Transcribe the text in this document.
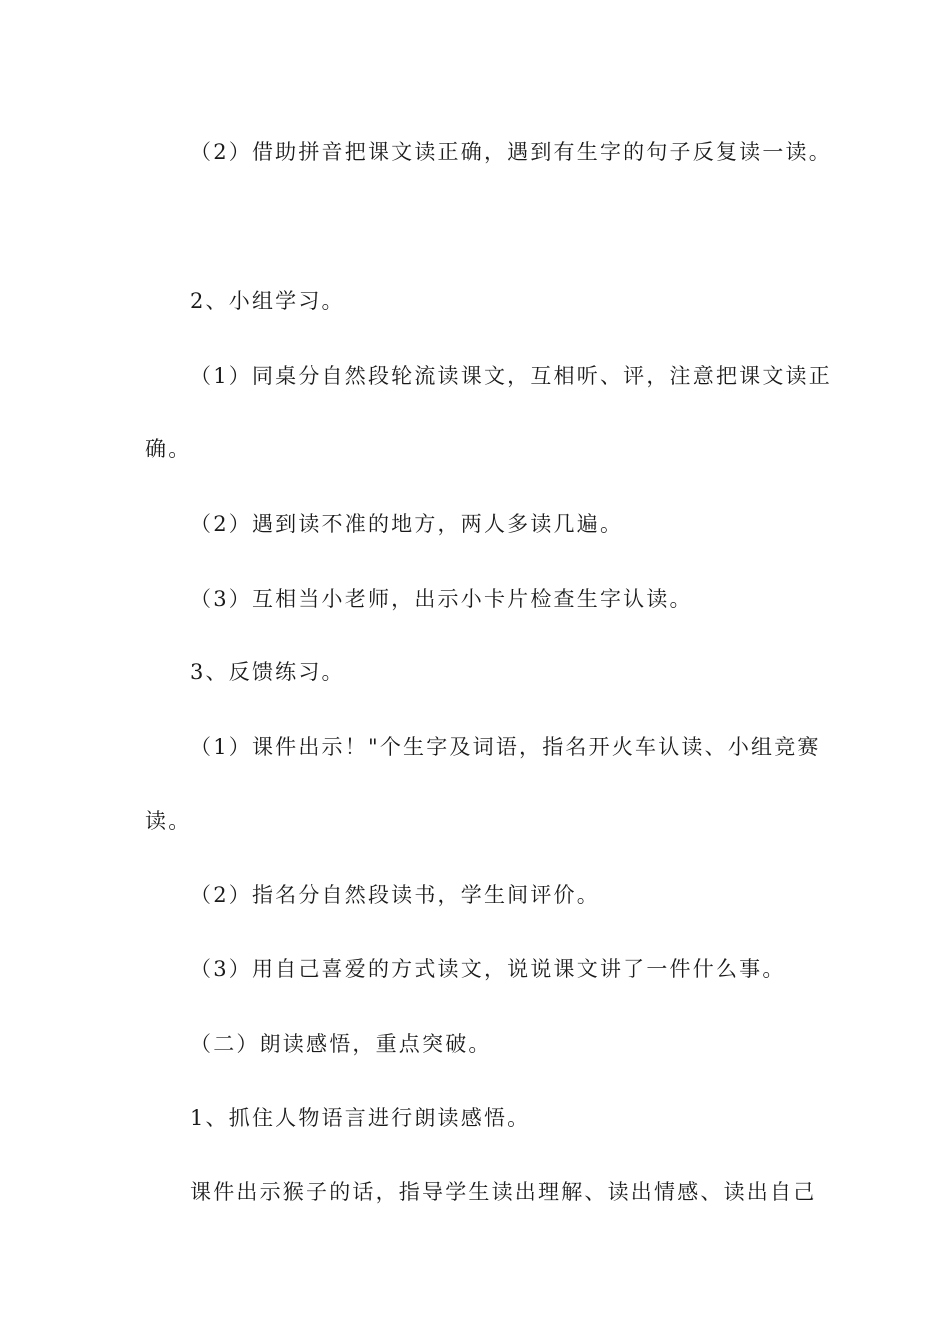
（2）借助拼音把课文读正确，遇到有生字的句子反复读一读。
2、小组学习。
（1）同桌分自然段轮流读课文，互相听、评，注意把课文读正
确。
（2）遇到读不准的地方，两人多读几遍。
（3）互相当小老师，出示小卡片检查生字认读。
3、反馈练习。
（1）课件出示！"个生字及词语，指名开火车认读、小组竞赛
读。
（2）指名分自然段读书，学生间评价。
（3）用自己喜爱的方式读文，说说课文讲了一件什么事。
（二）朗读感悟，重点突破。
1、抓住人物语言进行朗读感悟。
课件出示猴子的话，指导学生读出理解、读出情感、读出自己
